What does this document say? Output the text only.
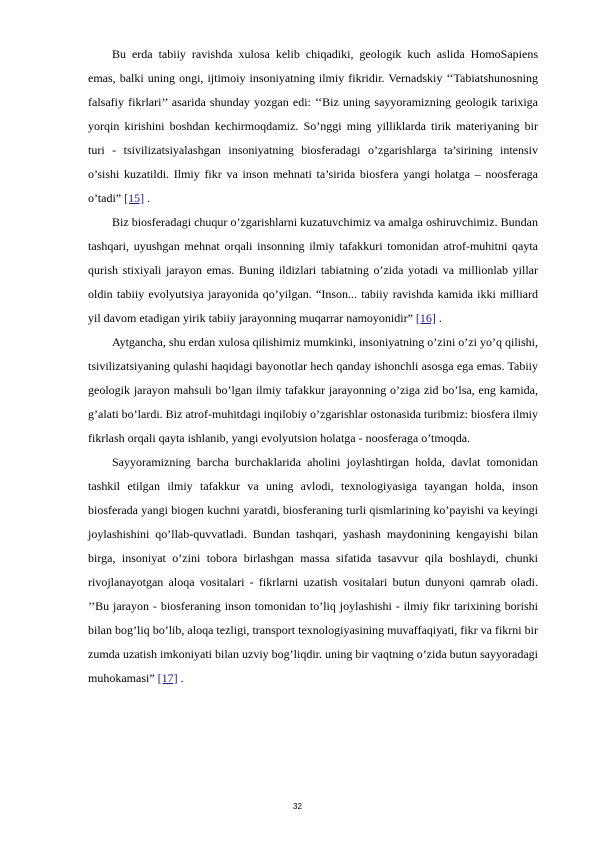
Bu erda tabiiy ravishda xulosa kelib chiqadiki, geologik kuch aslida HomoSapiens emas, balki uning ongi, ijtimoiy insoniyatning ilmiy fikridir. Vernadskiy ‘‘Tabiatshunosning falsafiy fikrlari’’ asarida shunday yozgan edi: ‘‘Biz uning sayyoramizning geologik tarixiga yorqin kirishini boshdan kechirmoqdamiz. So’nggi ming yilliklarda tirik materiyaning bir turi - tsivilizatsiyalashgan insoniyatning biosferadagi o’zgarishlarga ta’sirining intensiv o’sishi kuzatildi. Ilmiy fikr va inson mehnati ta’sirida biosfera yangi holatga – noosferaga o’tadi” [15] .

Biz biosferadagi chuqur o’zgarishlarni kuzatuvchimiz va amalga oshiruvchimiz. Bundan tashqari, uyushgan mehnat orqali insonning ilmiy tafakkuri tomonidan atrof-muhitni qayta qurish stixiyali jarayon emas. Buning ildizlari tabiatning o’zida yotadi va millionlab yillar oldin tabiiy evolyutsiya jarayonida qo’yilgan. “Inson... tabiiy ravishda kamida ikki milliard yil davom etadigan yirik tabiiy jarayonning muqarrar namoyonidir” [16] .

Aytgancha, shu erdan xulosa qilishimiz mumkinki, insoniyatning o’zini o’zi yo’q qilishi, tsivilizatsiyaning qulashi haqidagi bayonotlar hech qanday ishonchli asosga ega emas. Tabiiy geologik jarayon mahsuli bo’lgan ilmiy tafakkur jarayonning o’ziga zid bo’lsa, eng kamida, g’alati bo’lardi. Biz atrof-muhitdagi inqilobiy o’zgarishlar ostonasida turibmiz: biosfera ilmiy fikrlash orqali qayta ishlanib, yangi evolyutsion holatga - noosferaga o’tmoqda.

Sayyoramizning barcha burchaklarida aholini joylashtirgan holda, davlat tomonidan tashkil etilgan ilmiy tafakkur va uning avlodi, texnologiyasiga tayangan holda, inson biosferada yangi biogen kuchni yaratdi, biosferaning turli qismlarining ko’payishi va keyingi joylashishini qo’llab-quvvatladi. Bundan tashqari, yashash maydonining kengayishi bilan birga, insoniyat o’zini tobora birlashgan massa sifatida tasavvur qila boshlaydi, chunki rivojlanayotgan aloqa vositalari - fikrlarni uzatish vositalari butun dunyoni qamrab oladi. ’’Bu jarayon - biosferaning inson tomonidan to’liq joylashishi - ilmiy fikr tarixining borishi bilan bog’liq bo’lib, aloqa tezligi, transport texnologiyasining muvaffaqiyati, fikr va fikrni bir zumda uzatish imkoniyati bilan uzviy bog’liqdir. uning bir vaqtning o’zida butun sayyoradagi muhokamasi” [17] .

32
